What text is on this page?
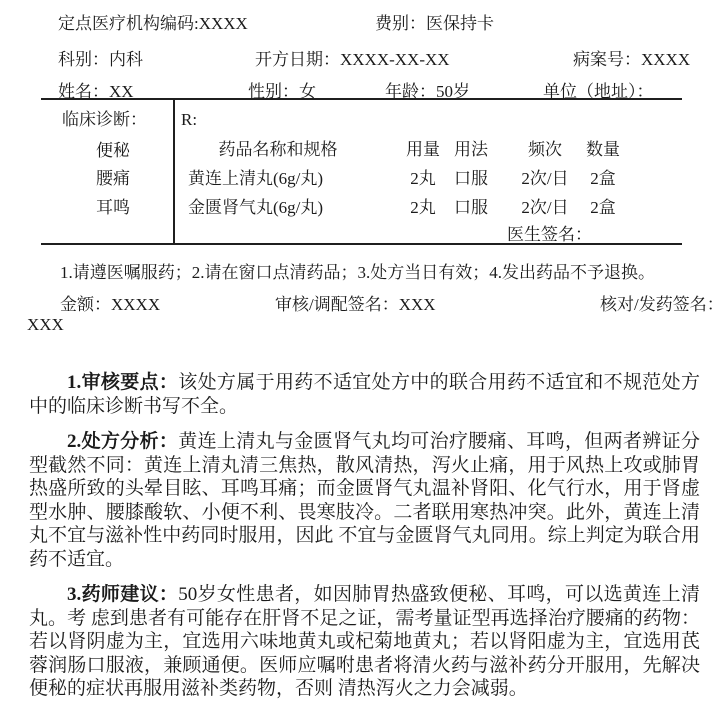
定点医疗机构编码:XXXX	费别：医保持卡
科别：内科	开方日期：XXXX-XX-XX	病案号：XXXX
姓名：XX	性别：女	年龄：50岁	单位（地址）：
临床诊断：
便秘
腰痛
耳鸣
R:
药品名称和规格	用量 用法	频次	数量
黄连上清丸(6g/丸)	2丸	口服	2次/日	2盒
金匮肾气丸(6g/丸)	2丸	口服	2次/日	2盒
医生签名：
1.请遵医嘱服药；2.请在窗口点清药品；3.处方当日有效；4.发出药品不予退换。
金额：XXXX	审核/调配签名：XXX	核对/发药签名：
XXX

1.审核要点：该处方属于用药不适宜处方中的联合用药不适宜和不规范处方中的临床诊断书写不全。

2.处方分析：黄连上清丸与金匮肾气丸均可治疗腰痛、耳鸣，但两者辨证分型截然不同：黄连上清丸清三焦热，散风清热，泻火止痛，用于风热上攻或肺胃热盛所致的头晕目眩、耳鸣耳痛；而金匮肾气丸温补肾阳、化气行水，用于肾虚型水肿、腰膝酸软、小便不利、畏寒肢冷。二者联用寒热冲突。此外，黄连上清丸不宜与滋补性中药同时服用，因此 不宜与金匮肾气丸同用。综上判定为联合用药不适宜。

3.药师建议：50岁女性患者，如因肺胃热盛致便秘、耳鸣，可以选黄连上清丸。考 虑到患者有可能存在肝肾不足之证，需考量证型再选择治疗腰痛的药物：若以肾阴虚为主，宜选用六味地黄丸或杞菊地黄丸；若以肾阳虚为主，宜选用芪蓉润肠口服液，兼顾通便。医师应嘱咐患者将清火药与滋补药分开服用，先解决便秘的症状再服用滋补类药物，否则 清热泻火之力会减弱。
